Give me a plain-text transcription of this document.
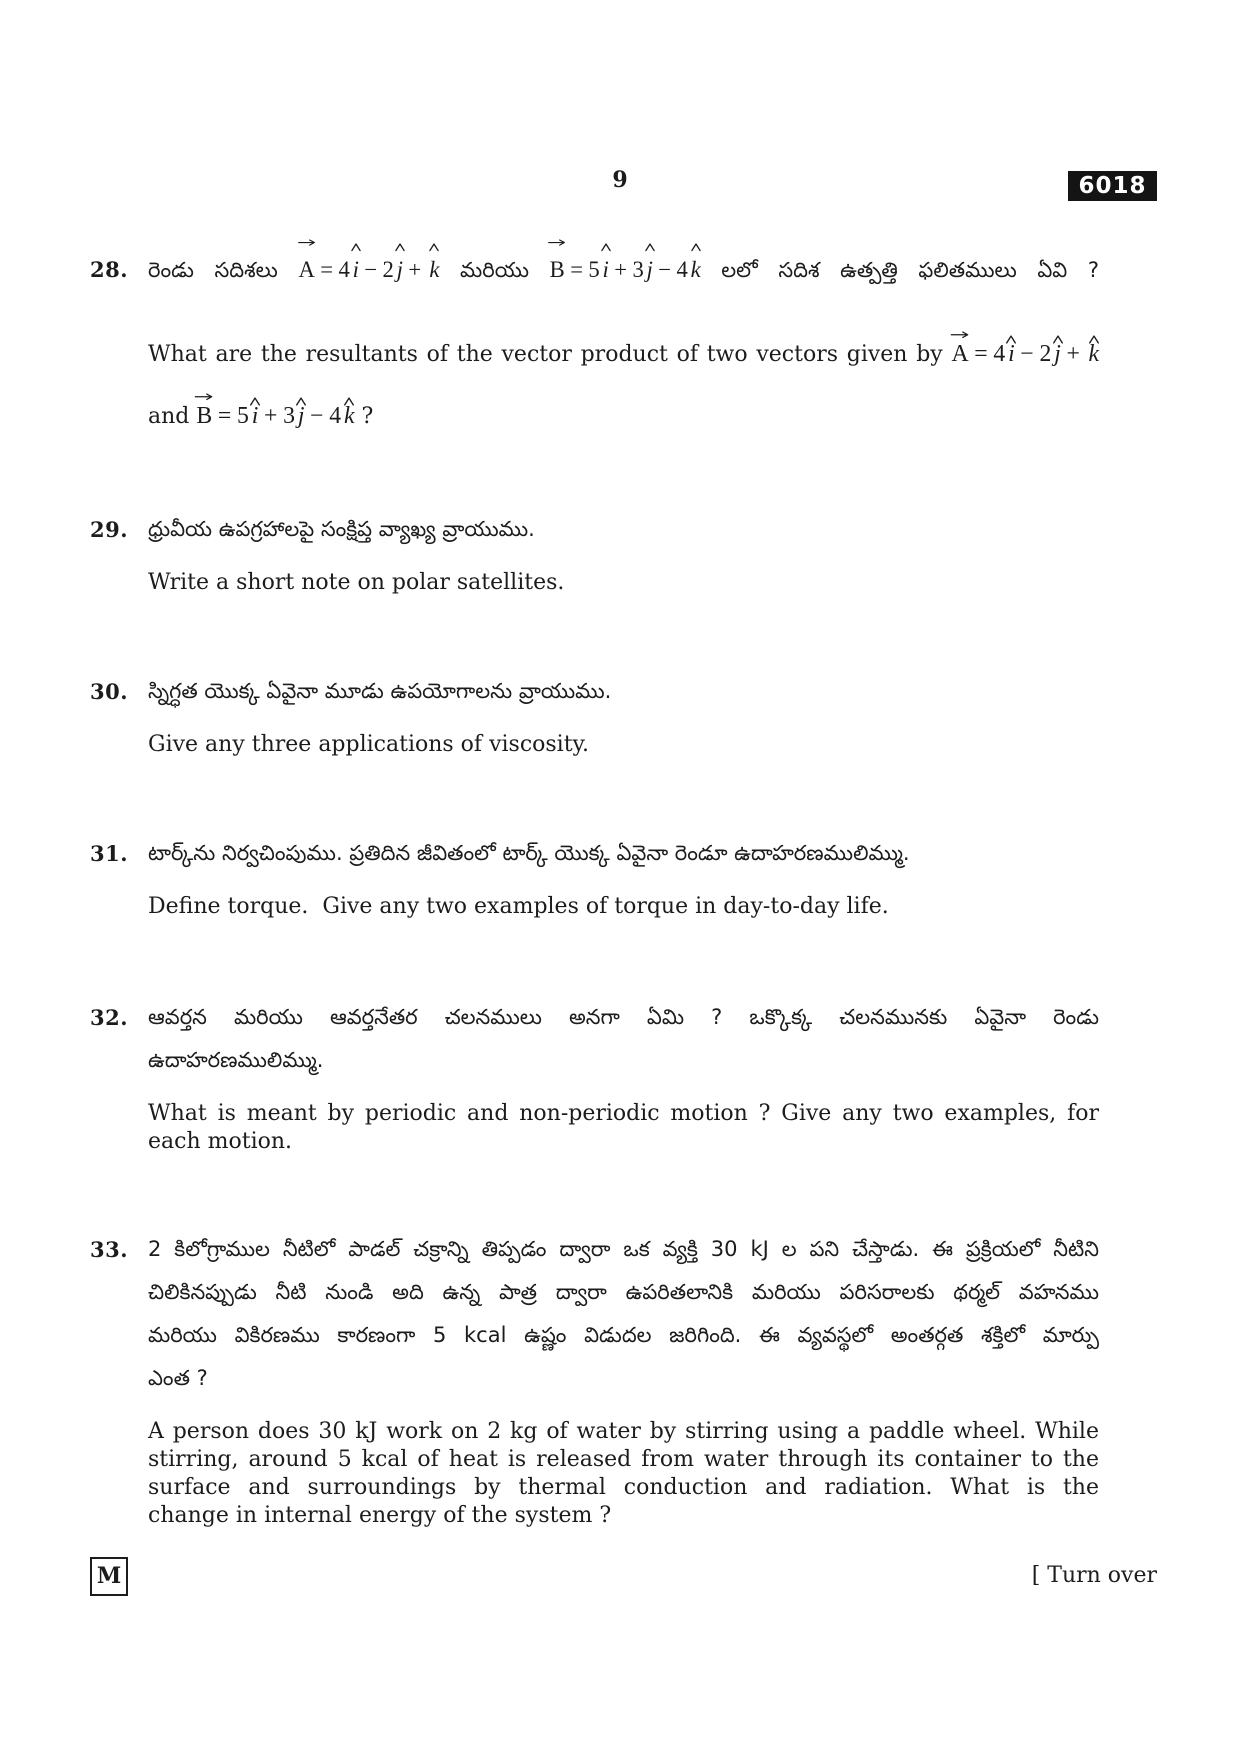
9	6018
28. రెండు సదిశలు A = 4 i − 2 j + k మరియు B = 5 i + 3 j − 4 k లలో సదిశ ఉత్పత్తి ఫలితములు ఏవి ?
What are the resultants of the vector product of two vectors given by A = 4 i − 2 j + k
and B = 5 i + 3 j − 4 k ?
29. ధ్రువీయ ఉపగ్రహాలపై సంక్షిప్త వ్యాఖ్య వ్రాయుము.
Write a short note on polar satellites.
30. స్నిగ్ధత యొక్క ఏవైనా మూడు ఉపయోగాలను వ్రాయుము.
Give any three applications of viscosity.
31. టార్క్‌ను నిర్వచింపుము. ప్రతిదిన జీవితంలో టార్క్ యొక్క ఏవైనా రెండూ ఉదాహరణములిమ్ము.
Define torque.  Give any two examples of torque in day-to-day life.
32. ఆవర్తన మరియు ఆవర్తనేతర చలనములు అనగా ఏమి ? ఒక్కొక్క చలనమునకు ఏవైనా రెండు
ఉదాహరణములిమ్ము.
What is meant by periodic and non-periodic motion ? Give any two examples, for
each motion.
33. 2 కిలోగ్రాముల నీటిలో పాడల్ చక్రాన్ని తిప్పడం ద్వారా ఒక వ్యక్తి 30 kJ ల పని చేస్తాడు. ఈ ప్రక్రియలో నీటిని
చిలికినప్పుడు నీటి నుండి అది ఉన్న పాత్ర ద్వారా ఉపరితలానికి మరియు పరిసరాలకు థర్మల్ వహనము
మరియు వికిరణము కారణంగా 5 kcal ఉష్ణం విడుదల జరిగింది. ఈ వ్యవస్థలో అంతర్గత శక్తిలో మార్పు
ఎంత ?
A person does 30 kJ work on 2 kg of water by stirring using a paddle wheel. While
stirring, around 5 kcal of heat is released from water through its container to the
surface and surroundings by thermal conduction and radiation. What is the
change in internal energy of the system ?
M	[ Turn over
